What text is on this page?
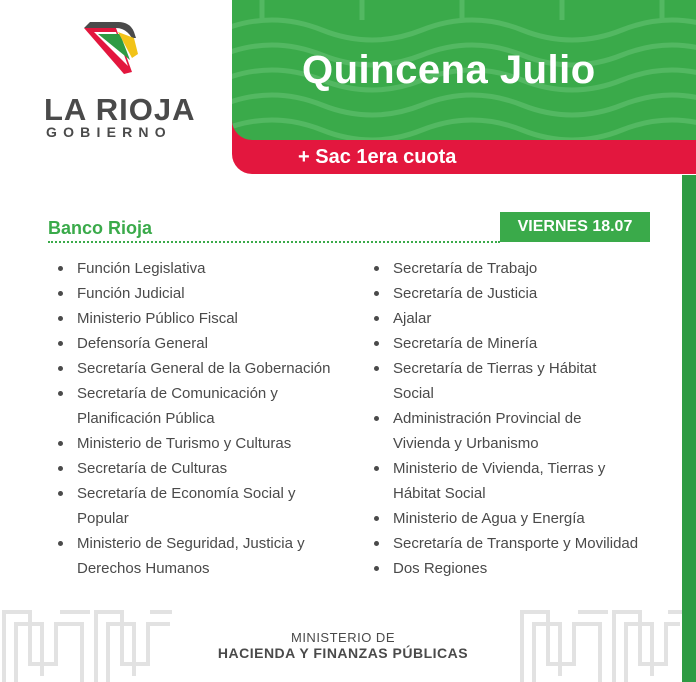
LA RIOJA
GOBIERNO
Quincena Julio
+ Sac 1era cuota
Banco Rioja	VIERNES 18.07
Función Legislativa
Función Judicial
Ministerio Público Fiscal
Defensoría General
Secretaría General de la Gobernación
Secretaría de Comunicación y
Planificación Pública
Ministerio de Turismo y Culturas
Secretaría de Culturas
Secretaría de Economía Social y
Popular
Ministerio de Seguridad, Justicia y
Derechos Humanos
Secretaría de Trabajo
Secretaría de Justicia
Ajalar
Secretaría de Minería
Secretaría de Tierras y Hábitat
Social
Administración Provincial de
Vivienda y Urbanismo
Ministerio de Vivienda, Tierras y
Hábitat Social
Ministerio de Agua y Energía
Secretaría de Transporte y Movilidad
Dos Regiones
MINISTERIO DE
HACIENDA Y FINANZAS PÚBLICAS
